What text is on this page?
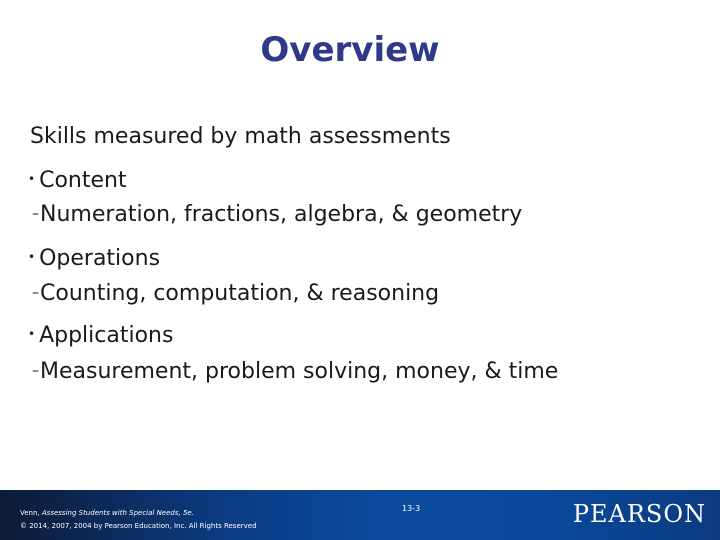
Overview
Skills measured by math assessments
• Content
–Numeration, fractions, algebra, & geometry
• Operations
–Counting, computation, & reasoning
• Applications
–Measurement, problem solving, money, & time
Venn, Assessing Students with Special Needs, 5e.
© 2014, 2007, 2004 by Pearson Education, Inc. All Rights Reserved
13-3	PEARSON
